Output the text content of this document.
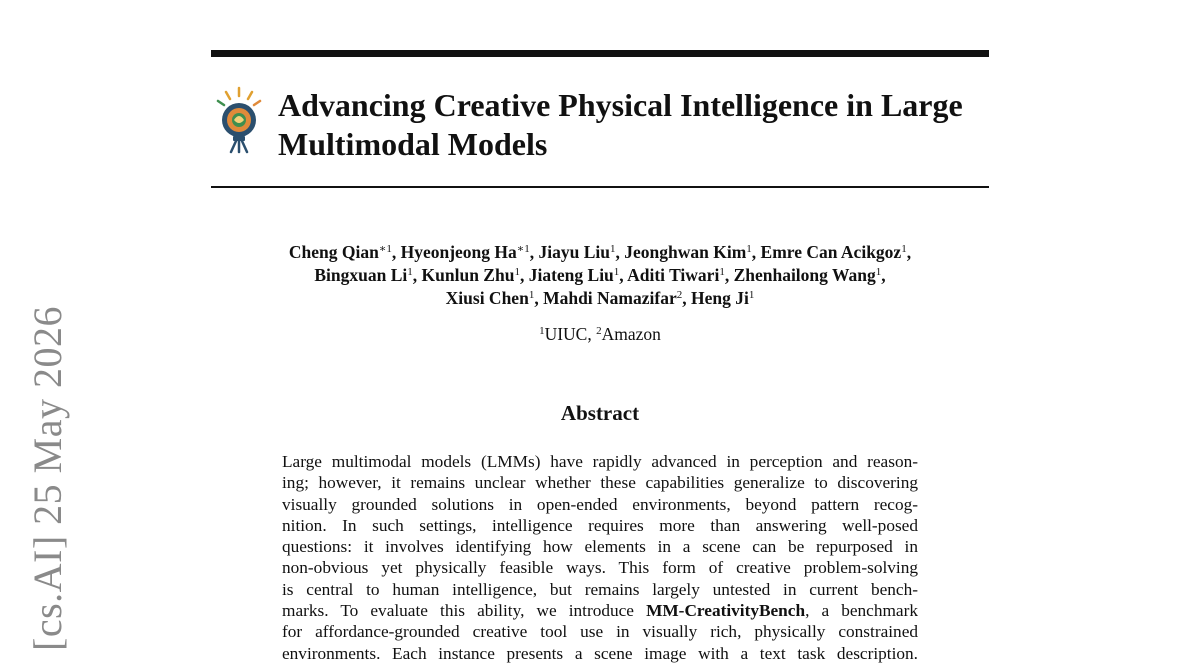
[cs.AI] 25 May 2026
Advancing Creative Physical Intelligence in Large
Multimodal Models
Cheng Qian$^{∗1}$, Hyeonjeong $Ha^{∗1}$, Jiayu Liu$^1$, Jeonghwan Kim$^1$, Emre Can Acikgoz$^1$,
Bingxuan Li$^1$, Kunlun Zhu$^1$, Jiateng Liu$^1$, Aditi Tiwari$^1$, Zhenhailong Wang$^1$,
Xiusi Chen$^1$, Mahdi Namazifar$^2$, Heng Ji$^1$
$^1$UIUC, $^2$Amazon
Abstract
Large multimodal models (LMMs) have rapidly advanced in perception and reason-
ing; however, it remains unclear whether these capabilities generalize to discovering
visually grounded solutions in open-ended environments, beyond pattern recog-
nition. In such settings, intelligence requires more than answering well-posed
questions: it involves identifying how elements in a scene can be repurposed in
non-obvious yet physically feasible ways. This form of creative problem-solving
is central to human intelligence, but remains largely untested in current bench-
marks. To evaluate this ability, we introduce MM-CreativityBench, a benchmark
for affordance-grounded creative tool use in visually rich, physically constrained
environments. Each instance presents a scene image with a text task description.
